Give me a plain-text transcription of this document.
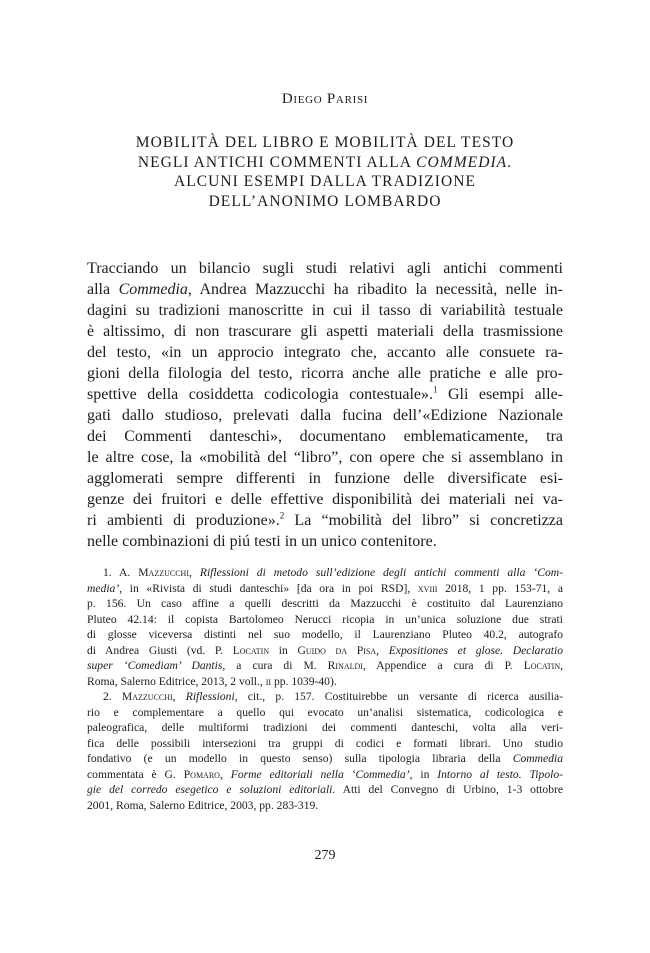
Diego Parisi
MOBILITÀ DEL LIBRO E MOBILITÀ DEL TESTO
NEGLI ANTICHI COMMENTI ALLA COMMEDIA.
ALCUNI ESEMPI DALLA TRADIZIONE
DELL’ANONIMO LOMBARDO
Tracciando un bilancio sugli studi relativi agli antichi commenti
alla Commedia, Andrea Mazzucchi ha ribadito la necessità, nelle in-
dagini su tradizioni manoscritte in cui il tasso di variabilità testuale
è altissimo, di non trascurare gli aspetti materiali della trasmissione
del testo, «in un approcio integrato che, accanto alle consuete ra-
gioni della filologia del testo, ricorra anche alle pratiche e alle pro-
spettive della cosiddetta codicologia contestuale».$^1$ Gli esempi alle-
gati dallo studioso, prelevati dalla fucina dell’«Edizione Nazionale
dei Commenti danteschi», documentano emblematicamente, tra
le altre cose, la «mobilità del “libro”, con opere che si assemblano in
agglomerati sempre differenti in funzione delle diversificate esi-
genze dei fruitori e delle effettive disponibilità dei materiali nei va-
ri ambienti di produzione».$^2$ La “mobilità del libro” si concretizza
nelle combinazioni di piú testi in un unico contenitore.
1. A. Mazzucchi, Riflessioni di metodo sull’edizione degli antichi commenti alla ‘Com-
media’, in «Rivista di studi danteschi» [da ora in poi RSD], xviii 2018, 1 pp. 153-71, a
p. 156. Un caso affine a quelli descritti da Mazzucchi è costituito dal Laurenziano
Pluteo 42.14: il copista Bartolomeo Nerucci ricopia in un’unica soluzione due strati
di glosse viceversa distinti nel suo modello, il Laurenziano Pluteo 40.2, autografo
di Andrea Giusti (vd. P. Locatin in Guido da Pisa, Expositiones et glose. Declaratio
super ‘Comediam’ Dantis, a cura di M. Rinaldi, Appendice a cura di P. Locatin,
Roma, Salerno Editrice, 2013, 2 voll., ii pp. 1039-40).
2. Mazzucchi, Riflessioni, cit., p. 157. Costituirebbe un versante di ricerca ausilia-
rio e complementare a quello qui evocato un’analisi sistematica, codicologica e
paleografica, delle multiformi tradizioni dei commenti danteschi, volta alla veri-
fica delle possibili intersezioni tra gruppi di codici e formati librari. Uno studio
fondativo (e un modello in questo senso) sulla tipologia libraria della Commedia
commentata è G. Pomaro, Forme editoriali nella ‘Commedia’, in Intorno al testo. Tipolo-
gie del corredo esegetico e soluzioni editoriali. Atti del Convegno di Urbino, 1-3 ottobre
2001, Roma, Salerno Editrice, 2003, pp. 283-319.
279
